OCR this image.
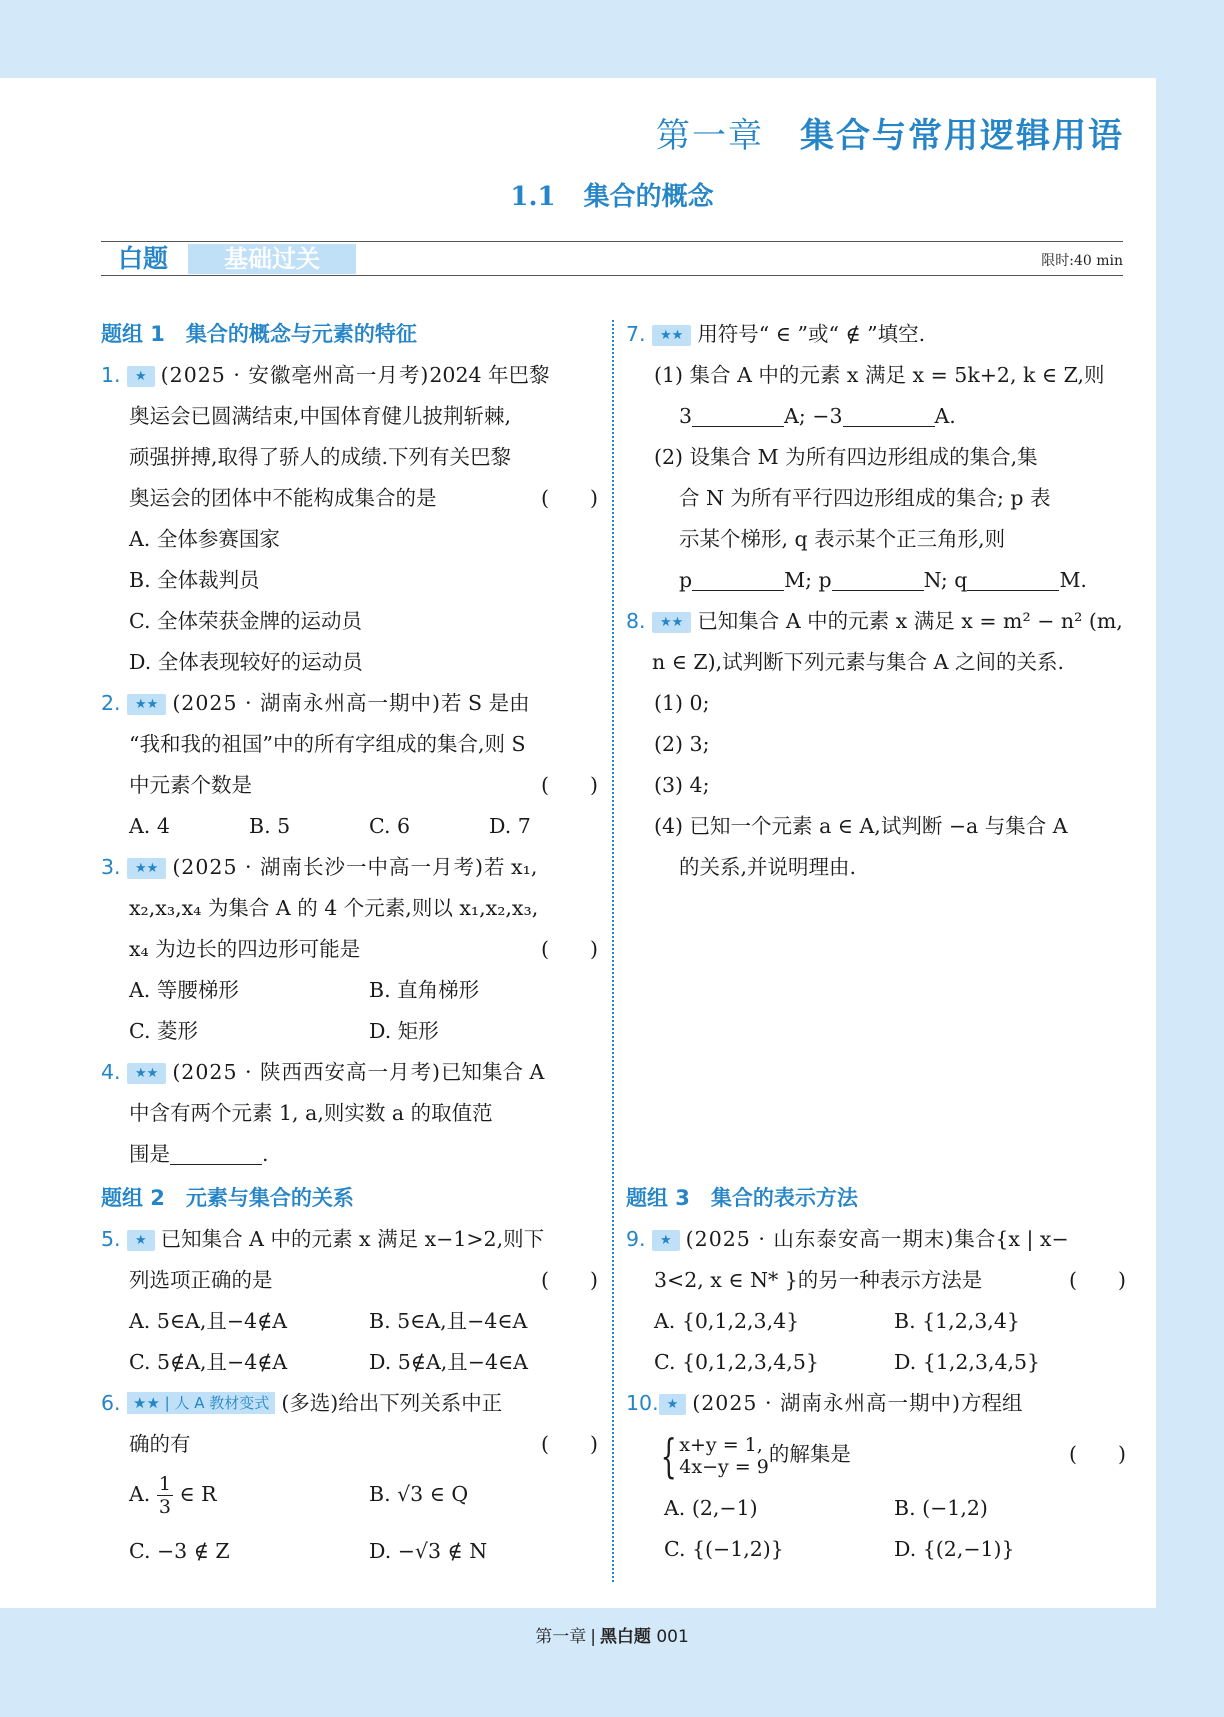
第一章 集合与常用逻辑用语
1.1 集合的概念
白题	基础过关	限时:40 min
题组 1　集合的概念与元素的特征
1. ★ (2025 · 安徽亳州高一月考)2024 年巴黎
奥运会已圆满结束,中国体育健儿披荆斩棘,
顽强拼搏,取得了骄人的成绩.下列有关巴黎
奥运会的团体中不能构成集合的是	(　　)
A. 全体参赛国家
B. 全体裁判员
C. 全体荣获金牌的运动员
D. 全体表现较好的运动员
2. ★★ (2025 · 湖南永州高一期中)若 S 是由
“我和我的祖国”中的所有字组成的集合,则 S
中元素个数是	(　　)
A. 4	B. 5	C. 6	D. 7
3. ★★ (2025 · 湖南长沙一中高一月考)若 x₁,
x₂,x₃,x₄ 为集合 A 的 4 个元素,则以 x₁,x₂,x₃,
x₄ 为边长的四边形可能是	(　　)
A. 等腰梯形	B. 直角梯形
C. 菱形	D. 矩形
4. ★★ (2025 · 陕西西安高一月考)已知集合 A
中含有两个元素 1, a,则实数 a 的取值范
围是	.
题组 2　元素与集合的关系
5. ★ 已知集合 A 中的元素 x 满足 x−1>2,则下
列选项正确的是	(　　)
A. 5∈A,且−4∉A	B. 5∈A,且−4∈A
C. 5∉A,且−4∉A	D. 5∉A,且−4∈A
6. ★★ | 人 A 教材变式 (多选)给出下列关系中正
确的有	(　　)
A. $\frac{1}{3}$ ∈ R	B. √3 ∈ Q
C. −3 ∉ Z	D. −√3 ∉ N
7. ★★ 用符号“ ∈ ”或“ ∉ ”填空.
(1) 集合 A 中的元素 x 满足 x = 5k+2, k ∈ Z,则
3	A; −3	A.
(2) 设集合 M 为所有四边形组成的集合,集
合 N 为所有平行四边形组成的集合; p 表
示某个梯形, q 表示某个正三角形,则
p	M; p	N; q	M.
8. ★★ 已知集合 A 中的元素 x 满足 x = m² − n² (m,
n ∈ Z),试判断下列元素与集合 A 之间的关系.
(1) 0;
(2) 3;
(3) 4;
(4) 已知一个元素 a ∈ A,试判断 −a 与集合 A
的关系,并说明理由.
题组 3　集合的表示方法
9. ★ (2025 · 山东泰安高一期末)集合{x | x−
3<2, x ∈ N* }的另一种表示方法是	(　　)
A. {0,1,2,3,4}	B. {1,2,3,4}
C. {0,1,2,3,4,5}	D. {1,2,3,4,5}
10. ★ (2025 · 湖南永州高一期中)方程组
{ x+y = 1,
4x−y = 9
的解集是	(　　)
A. (2,−1)	B. (−1,2)
C. {(−1,2)}	D. {(2,−1)}
第一章 | 黑白题 001
